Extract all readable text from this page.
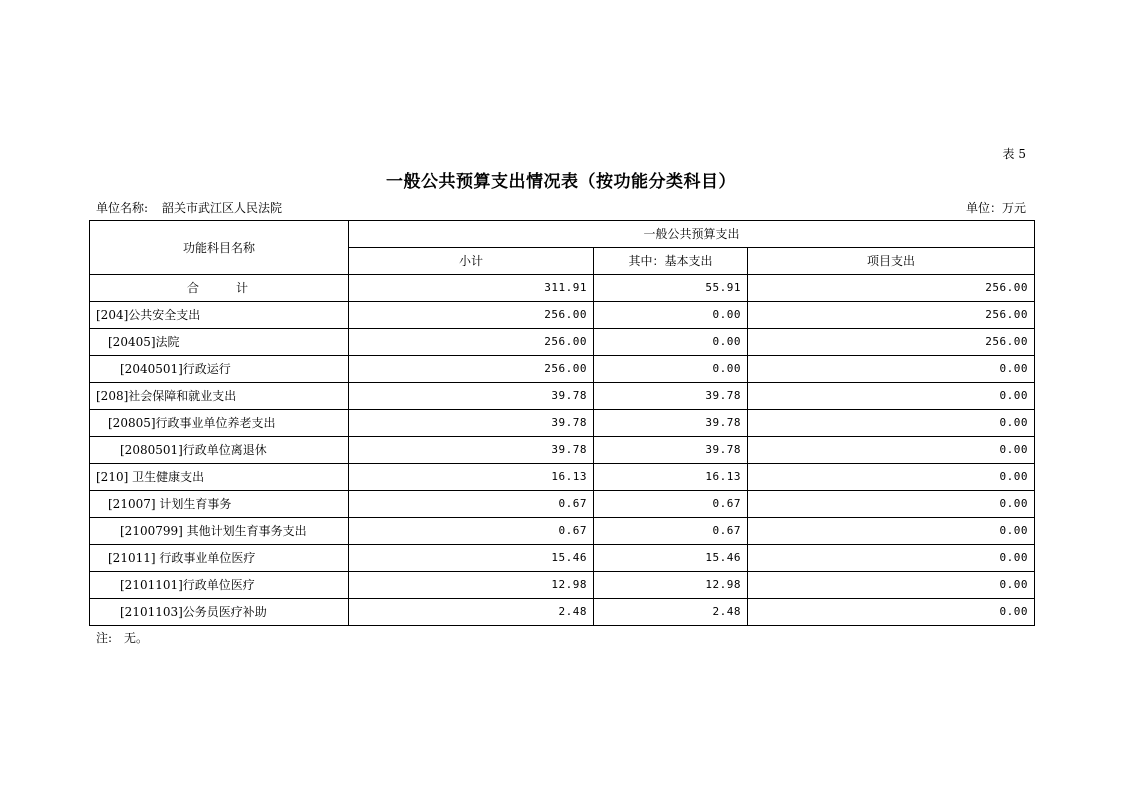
表 5
一般公共预算支出情况表（按功能分类科目）
单位名称: 韶关市武江区人民法院	单位：万元
功能科目名称	一般公共预算支出		
	小计	其中：基本支出	项目支出
合 计	311.91	55.91	256.00
[204]公共安全支出	256.00	0.00	256.00
[20405]法院	256.00	0.00	256.00
[2040501]行政运行	256.00	0.00	0.00
[208]社会保障和就业支出	39.78	39.78	0.00
[20805]行政事业单位养老支出	39.78	39.78	0.00
[2080501]行政单位离退休	39.78	39.78	0.00
[210] 卫生健康支出	16.13	16.13	0.00
[21007] 计划生育事务	0.67	0.67	0.00
[2100799] 其他计划生育事务支出	0.67	0.67	0.00
[21011] 行政事业单位医疗	15.46	15.46	0.00
[2101101]行政单位医疗	12.98	12.98	0.00
[2101103]公务员医疗补助	2.48	2.48	0.00
注: 无。
